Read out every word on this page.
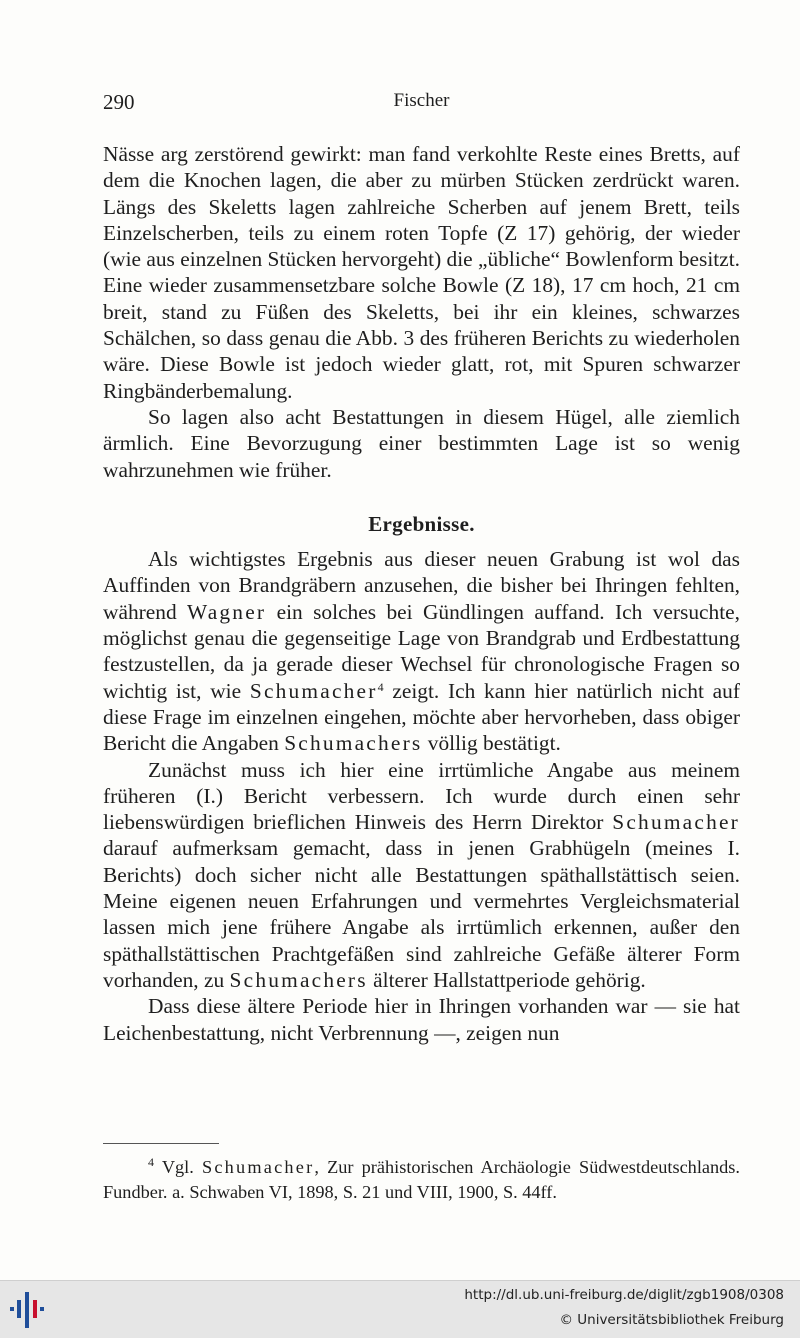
290	Fischer

Nässe arg zerstörend gewirkt: man fand verkohlte Reste eines Bretts, auf dem die Knochen lagen, die aber zu mürben Stücken zerdrückt waren. Längs des Skeletts lagen zahlreiche Scherben auf jenem Brett, teils Einzelscherben, teils zu einem roten Topfe (Z 17) gehörig, der wieder (wie aus einzelnen Stücken hervorgeht) die „übliche“ Bowlenform besitzt. Eine wieder zusammensetzbare solche Bowle (Z 18), 17 cm hoch, 21 cm breit, stand zu Füßen des Skeletts, bei ihr ein kleines, schwarzes Schälchen, so dass genau die Abb. 3 des früheren Berichts zu wiederholen wäre. Diese Bowle ist jedoch wieder glatt, rot, mit Spuren schwarzer Ringbänderbemalung.

So lagen also acht Bestattungen in diesem Hügel, alle ziemlich ärmlich. Eine Bevorzugung einer bestimmten Lage ist so wenig wahrzunehmen wie früher.

Ergebnisse.

Als wichtigstes Ergebnis aus dieser neuen Grabung ist wol das Auffinden von Brandgräbern anzusehen, die bisher bei Ihringen fehlten, während Wagner ein solches bei Gündlingen auffand. Ich versuchte, möglichst genau die gegenseitige Lage von Brandgrab und Erdbestattung festzustellen, da ja gerade dieser Wechsel für chronologische Fragen so wichtig ist, wie Schumacher$^4$ zeigt. Ich kann hier natürlich nicht auf diese Frage im einzelnen eingehen, möchte aber hervorheben, dass obiger Bericht die Angaben Schumachers völlig bestätigt.

Zunächst muss ich hier eine irrtümliche Angabe aus meinem früheren (I.) Bericht verbessern. Ich wurde durch einen sehr liebenswürdigen brieflichen Hinweis des Herrn Direktor Schumacher darauf aufmerksam gemacht, dass in jenen Grabhügeln (meines I. Berichts) doch sicher nicht alle Bestattungen späthallstättisch seien. Meine eigenen neuen Erfahrungen und vermehrtes Vergleichsmaterial lassen mich jene frühere Angabe als irrtümlich erkennen, außer den späthallstättischen Prachtgefäßen sind zahlreiche Gefäße älterer Form vorhanden, zu Schumachers älterer Hallstattperiode gehörig.

Dass diese ältere Periode hier in Ihringen vorhanden war — sie hat Leichenbestattung, nicht Verbrennung —, zeigen nun

$^4$ Vgl. Schumacher, Zur prähistorischen Archäologie Südwestdeutschlands. Fundber. a. Schwaben VI, 1898, S. 21 und VIII, 1900, S. 44ff.
http://dl.ub.uni-freiburg.de/diglit/zgb1908/0308
© Universitätsbibliothek Freiburg
